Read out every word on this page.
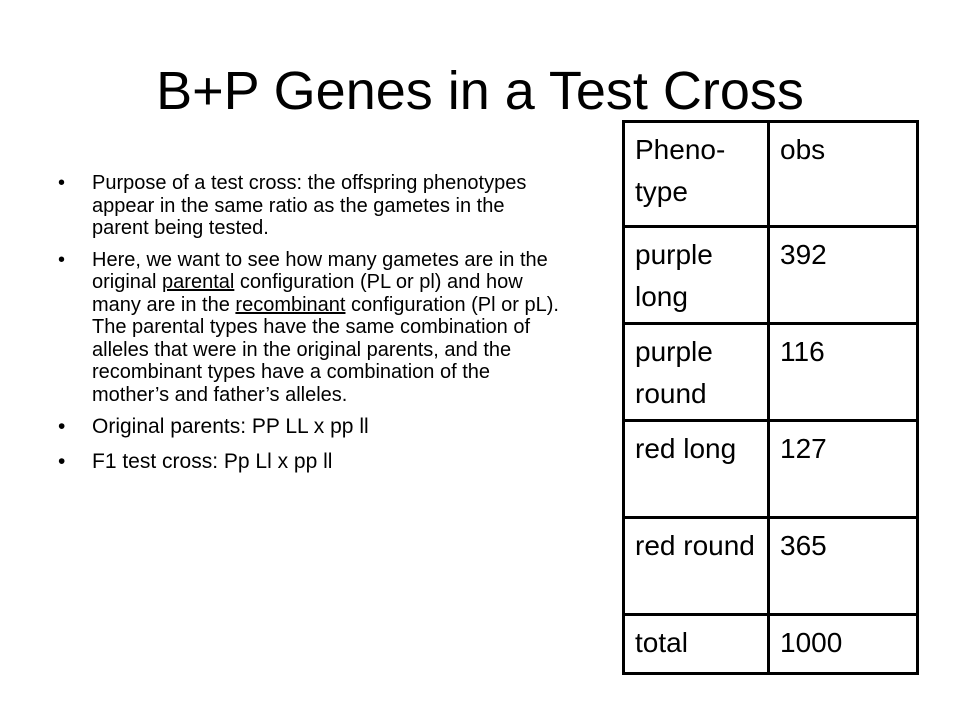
B+P Genes in a Test Cross
• Purpose of a test cross: the offspring phenotypes appear in the same ratio as the gametes in the parent being tested.
• Here, we want to see how many gametes are in the original parental configuration (PL or pl) and how many are in the recombinant configuration (Pl or pL). The parental types have the same combination of alleles that were in the original parents, and the recombinant types have a combination of the mother’s and father’s alleles.
• Original parents: PP LL x pp ll
• F1 test cross: Pp Ll x pp ll
Pheno-type	obs
purple long	392
purple round	116
red long	127
red round	365
total	1000
